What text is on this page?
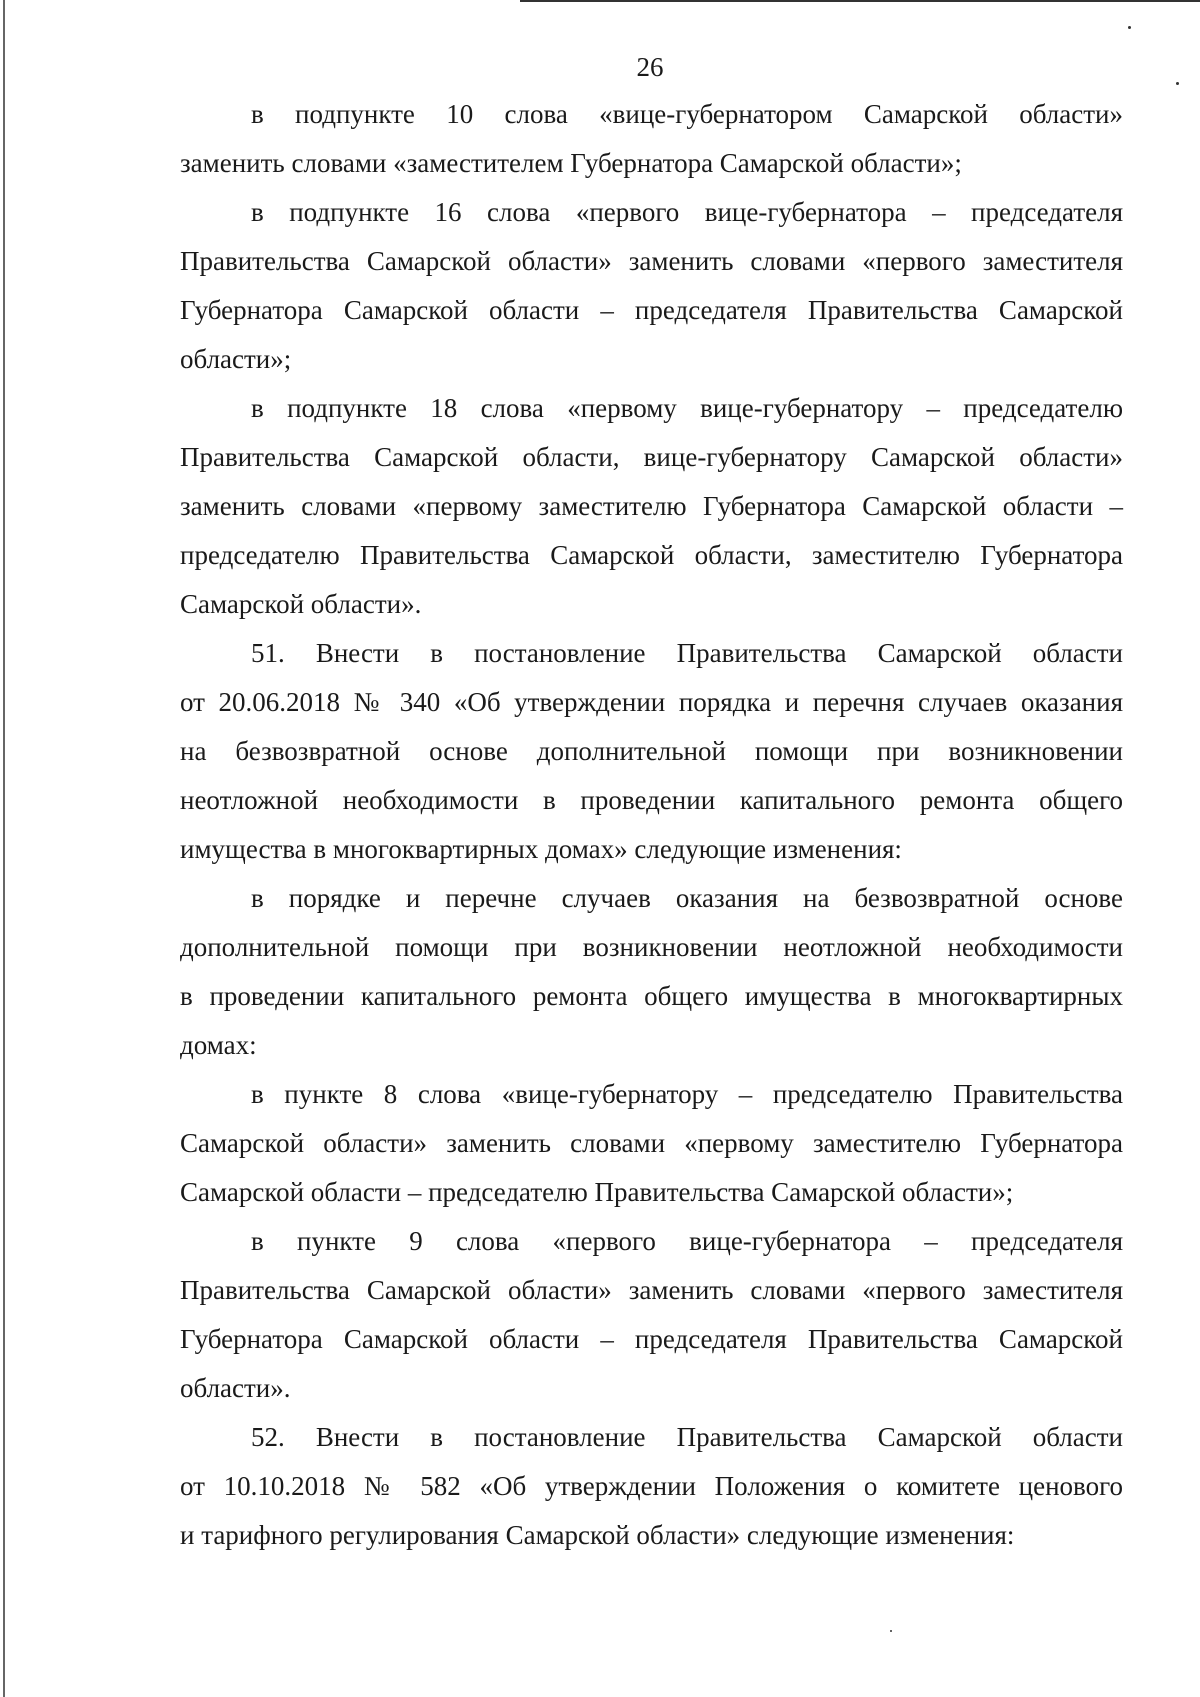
26

в подпункте 10 слова «вице-губернатором Самарской области»

заменить словами «заместителем Губернатора Самарской области»;

в подпункте 16 слова «первого вице-губернатора – председателя

Правительства Самарской области» заменить словами «первого заместителя

Губернатора Самарской области – председателя Правительства Самарской

области»;

в подпункте 18 слова «первому вице-губернатору – председателю

Правительства Самарской области, вице-губернатору Самарской области»

заменить словами «первому заместителю Губернатора Самарской области –

председателю Правительства Самарской области, заместителю Губернатора

Самарской области».

51. Внести в постановление Правительства Самарской области

от 20.06.2018 № 340 «Об утверждении порядка и перечня случаев оказания

на безвозвратной основе дополнительной помощи при возникновении

неотложной необходимости в проведении капитального ремонта общего

имущества в многоквартирных домах» следующие изменения:

в порядке и перечне случаев оказания на безвозвратной основе

дополнительной помощи при возникновении неотложной необходимости

в проведении капитального ремонта общего имущества в многоквартирных

домах:

в пункте 8 слова «вице-губернатору – председателю Правительства

Самарской области» заменить словами «первому заместителю Губернатора

Самарской области – председателю Правительства Самарской области»;

в пункте 9 слова «первого вице-губернатора – председателя

Правительства Самарской области» заменить словами «первого заместителя

Губернатора Самарской области – председателя Правительства Самарской

области».

52. Внести в постановление Правительства Самарской области

от 10.10.2018 № 582 «Об утверждении Положения о комитете ценового

и тарифного регулирования Самарской области» следующие изменения:
